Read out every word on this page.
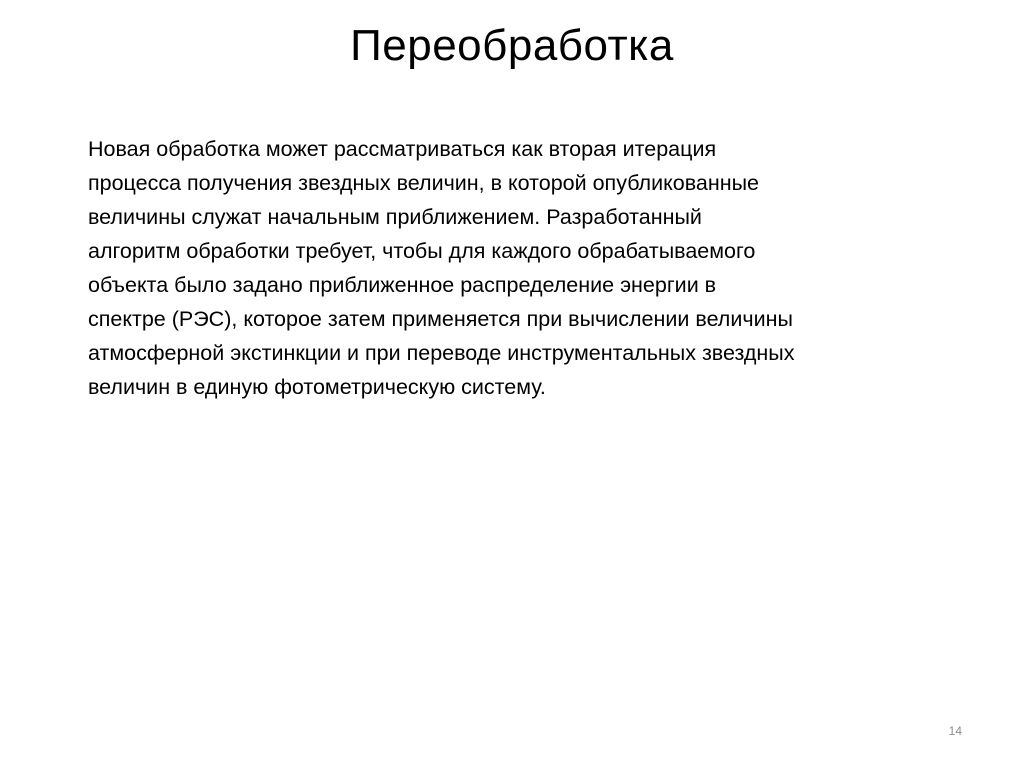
Переобработка
Новая обработка может рассматриваться как вторая итерация
процесса получения звездных величин, в которой опубликованные
величины служат начальным приближением. Разработанный
алгоритм обработки требует, чтобы для каждого обрабатываемого
объекта было задано приближенное распределение энергии в
спектре (РЭС), которое затем применяется при вычислении величины
атмосферной экстинкции и при переводе инструментальных звездных
величин в единую фотометрическую систему.
14
